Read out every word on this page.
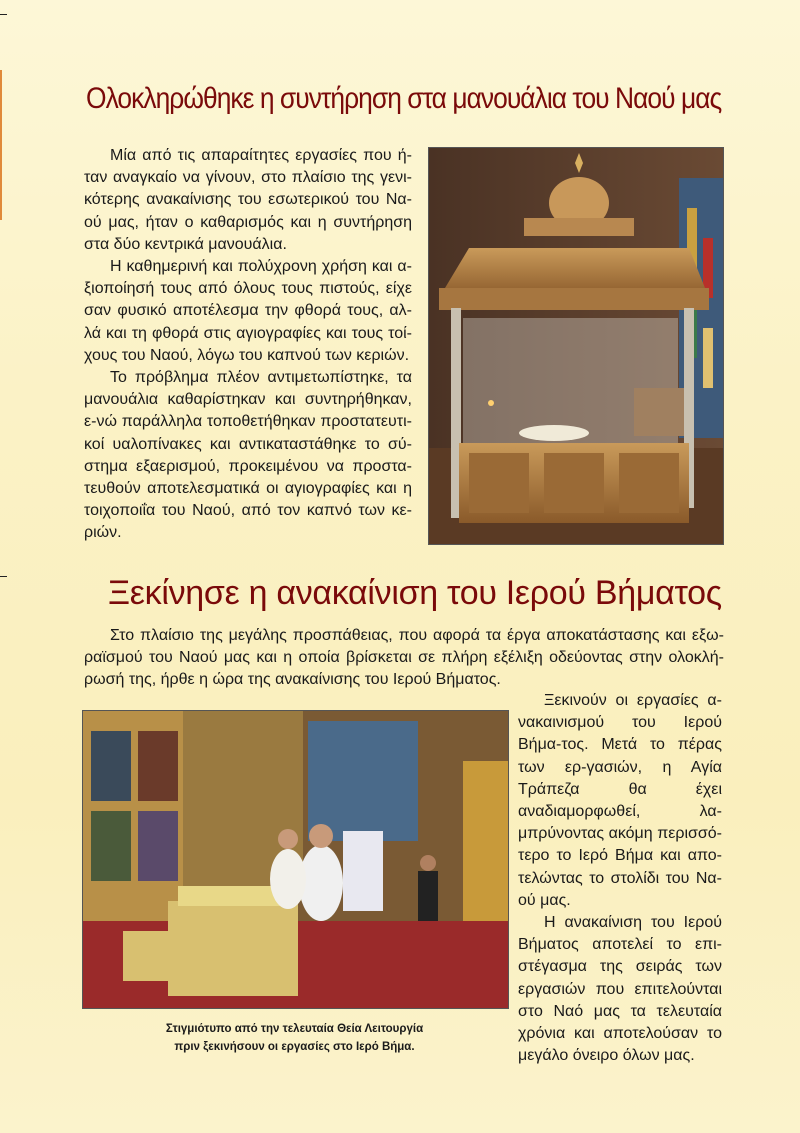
Ολοκληρώθηκε η συντήρηση στα μανουάλια του Ναού μας

Μία από τις απαραίτητες εργασίες που ή-ταν αναγκαίο να γίνουν, στο πλαίσιο της γενι-κότερης ανακαίνισης του εσωτερικού του Να-ού μας, ήταν ο καθαρισμός και η συντήρηση στα δύο κεντρικά μανουάλια.

Η καθημερινή και πολύχρονη χρήση και α-ξιοποίησή τους από όλους τους πιστούς, είχε σαν φυσικό αποτέλεσμα την φθορά τους, αλ-λά και τη φθορά στις αγιογραφίες και τους τοί-χους του Ναού, λόγω του καπνού των κεριών.

Το πρόβλημα πλέον αντιμετωπίστηκε, τα μανουάλια καθαρίστηκαν και συντηρήθηκαν, ε-νώ παράλληλα τοποθετήθηκαν προστατευτι-κοί υαλοπίνακες και αντικαταστάθηκε το σύ-στημα εξαερισμού, προκειμένου να προστα-τευθούν αποτελεσματικά οι αγιογραφίες και η τοιχοποιΐα του Ναού, από τον καπνό των κε-ριών.

Ξεκίνησε η ανακαίνιση του Ιερού Βήματος

Στο πλαίσιο της μεγάλης προσπάθειας, που αφορά τα έργα αποκατάστασης και εξω-ραϊσμού του Ναού μας και η οποία βρίσκεται σε πλήρη εξέλιξη οδεύοντας στην ολοκλή-ρωσή της, ήρθε η ώρα της ανακαίνισης του Ιερού Βήματος.

Στιγμιότυπο από την τελευταία Θεία Λειτουργία
πριν ξεκινήσουν οι εργασίες στο Ιερό Βήμα.

Ξεκινούν οι εργασίες α-νακαινισμού του Ιερού Βήμα-τος. Μετά το πέρας των ερ-γασιών, η Αγία Τράπεζα θα έχει αναδιαμορφωθεί, λα-μπρύνοντας ακόμη περισσό-τερο το Ιερό Βήμα και απο-τελώντας το στολίδι του Να-ού μας.

Η ανακαίνιση του Ιερού Βήματος αποτελεί το επι-στέγασμα της σειράς των εργασιών που επιτελούνται στο Ναό μας τα τελευταία χρόνια και αποτελούσαν το μεγάλο όνειρο όλων μας.
